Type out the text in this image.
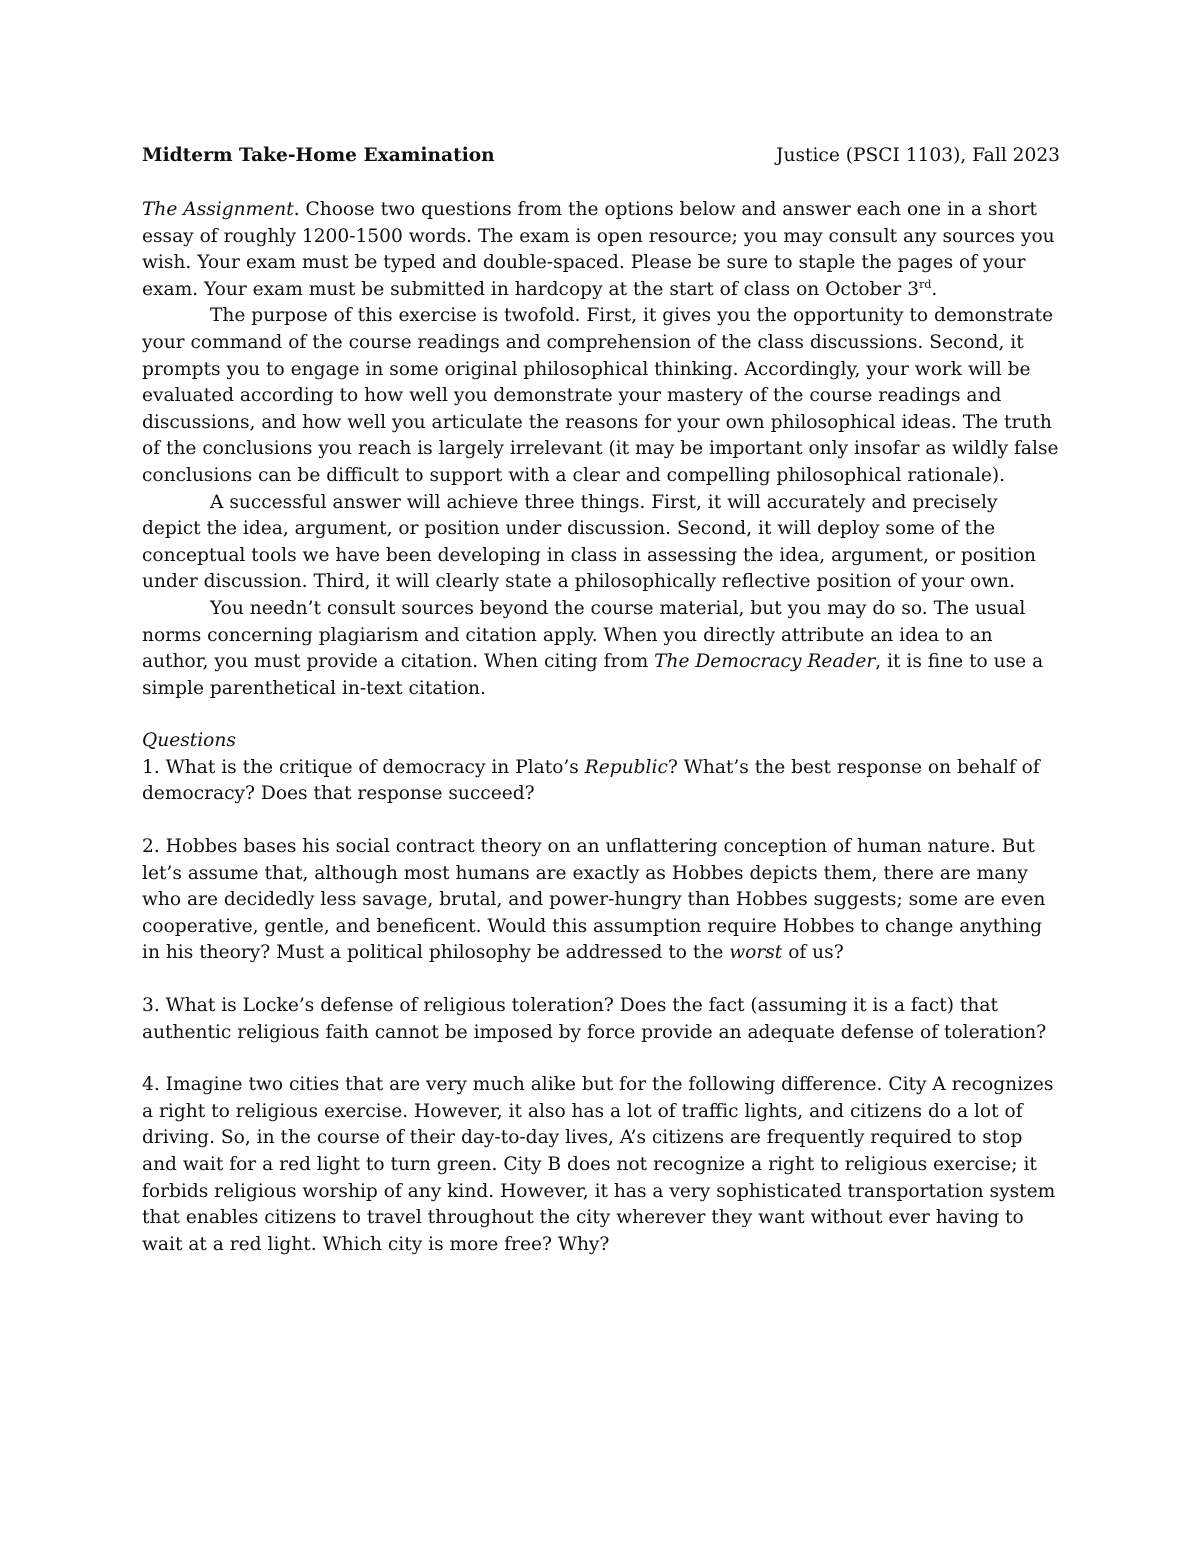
Midterm Take-Home Examination	Justice (PSCI 1103), Fall 2023
The Assignment. Choose two questions from the options below and answer each one in a short essay of roughly 1200-1500 words. The exam is open resource; you may consult any sources you wish. Your exam must be typed and double-spaced. Please be sure to staple the pages of your exam. Your exam must be submitted in hardcopy at the start of class on October 3rd.
The purpose of this exercise is twofold. First, it gives you the opportunity to demonstrate your command of the course readings and comprehension of the class discussions. Second, it prompts you to engage in some original philosophical thinking. Accordingly, your work will be evaluated according to how well you demonstrate your mastery of the course readings and discussions, and how well you articulate the reasons for your own philosophical ideas. The truth of the conclusions you reach is largely irrelevant (it may be important only insofar as wildly false conclusions can be difficult to support with a clear and compelling philosophical rationale).
A successful answer will achieve three things. First, it will accurately and precisely depict the idea, argument, or position under discussion. Second, it will deploy some of the conceptual tools we have been developing in class in assessing the idea, argument, or position under discussion. Third, it will clearly state a philosophically reflective position of your own.
You needn’t consult sources beyond the course material, but you may do so. The usual norms concerning plagiarism and citation apply. When you directly attribute an idea to an author, you must provide a citation. When citing from The Democracy Reader, it is fine to use a simple parenthetical in-text citation.
Questions
1. What is the critique of democracy in Plato’s Republic? What’s the best response on behalf of democracy? Does that response succeed?
2. Hobbes bases his social contract theory on an unflattering conception of human nature. But let’s assume that, although most humans are exactly as Hobbes depicts them, there are many who are decidedly less savage, brutal, and power-hungry than Hobbes suggests; some are even cooperative, gentle, and beneficent. Would this assumption require Hobbes to change anything in his theory? Must a political philosophy be addressed to the worst of us?
3. What is Locke’s defense of religious toleration? Does the fact (assuming it is a fact) that authentic religious faith cannot be imposed by force provide an adequate defense of toleration?
4. Imagine two cities that are very much alike but for the following difference. City A recognizes a right to religious exercise. However, it also has a lot of traffic lights, and citizens do a lot of driving. So, in the course of their day-to-day lives, A’s citizens are frequently required to stop and wait for a red light to turn green. City B does not recognize a right to religious exercise; it forbids religious worship of any kind. However, it has a very sophisticated transportation system that enables citizens to travel throughout the city wherever they want without ever having to wait at a red light. Which city is more free? Why?
